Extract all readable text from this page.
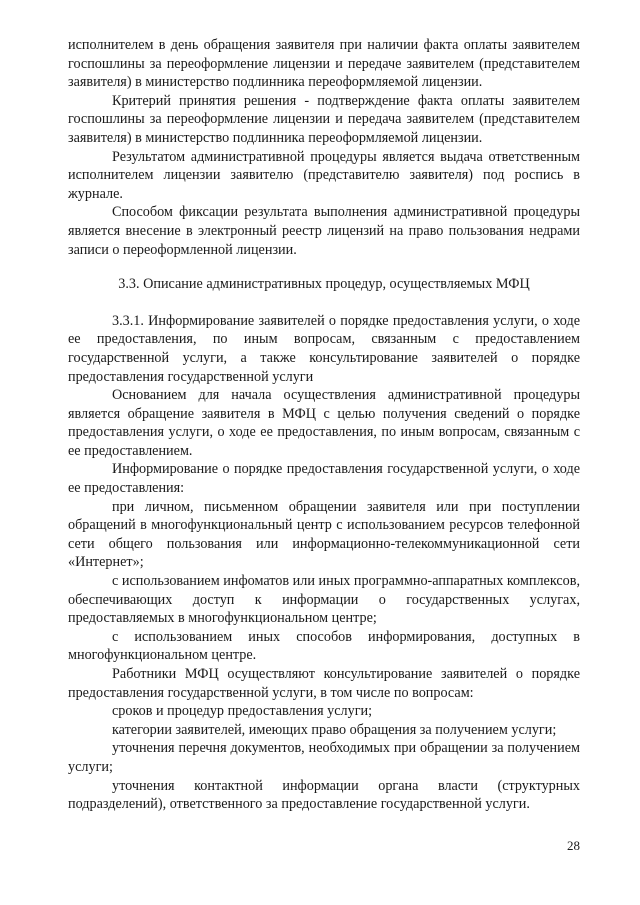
исполнителем в день обращения заявителя при наличии факта оплаты заявителем госпошлины за переоформление лицензии и передаче заявителем (представителем заявителя) в министерство подлинника переоформляемой лицензии.

Критерий принятия решения - подтверждение факта оплаты заявителем госпошлины за переоформление лицензии и передача заявителем (представителем заявителя) в министерство подлинника переоформляемой лицензии.

Результатом административной процедуры является выдача ответственным исполнителем лицензии заявителю (представителю заявителя) под роспись в журнале.

Способом фиксации результата выполнения административной процедуры является внесение в электронный реестр лицензий на право пользования недрами записи о переоформленной лицензии.

3.3. Описание административных процедур, осуществляемых МФЦ

3.3.1. Информирование заявителей о порядке предоставления услуги, о ходе ее предоставления, по иным вопросам, связанным с предоставлением государственной услуги, а также консультирование заявителей о порядке предоставления государственной услуги

Основанием для начала осуществления административной процедуры является обращение заявителя в МФЦ с целью получения сведений о порядке предоставления услуги, о ходе ее предоставления, по иным вопросам, связанным с ее предоставлением.

Информирование о порядке предоставления государственной услуги, о ходе ее предоставления:

при личном, письменном обращении заявителя или при поступлении обращений в многофункциональный центр с использованием ресурсов телефонной сети общего пользования или информационно-телекоммуникационной сети «Интернет»;

с использованием инфоматов или иных программно-аппаратных комплексов, обеспечивающих доступ к информации о государственных услугах, предоставляемых в многофункциональном центре;

с использованием иных способов информирования, доступных в многофункциональном центре.

Работники МФЦ осуществляют консультирование заявителей о порядке предоставления государственной услуги, в том числе по вопросам:

сроков и процедур предоставления услуги;

категории заявителей, имеющих право обращения за получением услуги;

уточнения перечня документов, необходимых при обращении за получением услуги;

уточнения контактной информации органа власти (структурных подразделений), ответственного за предоставление государственной услуги.

28
